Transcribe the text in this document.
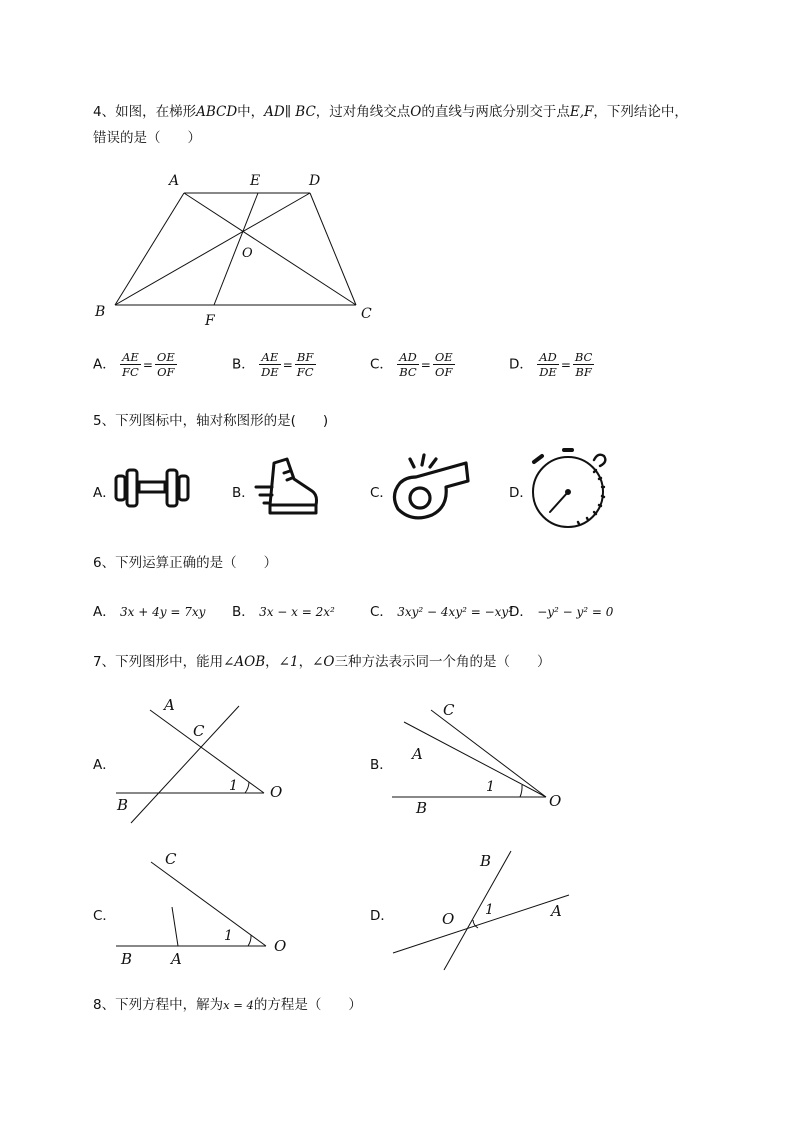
4、如图，在梯形ABCD中，AD∥ BC，过对角线交点O的直线与两底分别交于点E,F，下列结论中，
错误的是（　　）
A	E	D
O
B
F	C
A． $\frac{AE}{FC} = \frac{OE}{OF}$	B． $\frac{AE}{DE} = \frac{BF}{FC}$	C． $\frac{AD}{BC} = \frac{OE}{OF}$	D． $\frac{AD}{DE} = \frac{BC}{BF}$
5、下列图标中，轴对称图形的是(　　)
A．	B．	C．	D．
6、下列运算正确的是（　　）
A． 3x + 4y = 7xy B． 3x − x = 2x²	C． 3xy² − 4xy² = −xy²
D． −y² − y² = 0
7、下列图形中，能用∠AOB，∠1，∠O三种方法表示同一个角的是（　　）
A．	B．
C．	D．
A
C
B
O
1
C
A
B	O
1
C
B	A
O
1
B
O	A
1
8、下列方程中，解为x = 4的方程是（　　）
